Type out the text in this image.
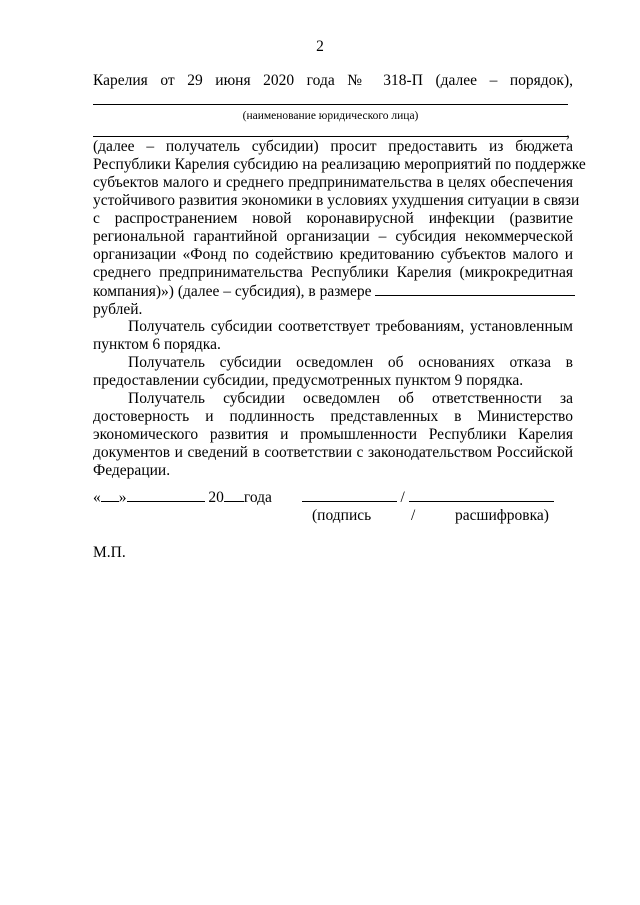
2
Карелия от 29 июня 2020 года № 318-П (далее – порядок),
(наименование юридического лица)
,
(далее – получатель субсидии) просит предоставить из бюджета
Республики Карелия субсидию на реализацию мероприятий по поддержке
субъектов малого и среднего предпринимательства в целях обеспечения
устойчивого развития экономики в условиях ухудшения ситуации в связи
с распространением новой коронавирусной инфекции (развитие
региональной гарантийной организации – субсидия некоммерческой
организации «Фонд по содействию кредитованию субъектов малого и
среднего предпринимательства Республики Карелия (микрокредитная
компания)») (далее – субсидия), в размере
рублей.
Получатель субсидии соответствует требованиям, установленным
пунктом 6 порядка.
Получатель субсидии осведомлен об основаниях отказа в
предоставлении субсидии, предусмотренных пунктом 9 порядка.
Получатель субсидии осведомлен об ответственности за
достоверность и подлинность представленных в Министерство
экономического развития и промышленности Республики Карелия
документов и сведений в соответствии с законодательством Российской
Федерации.
« »	20 года	/
(подпись	/	расшифровка)
М.П.
